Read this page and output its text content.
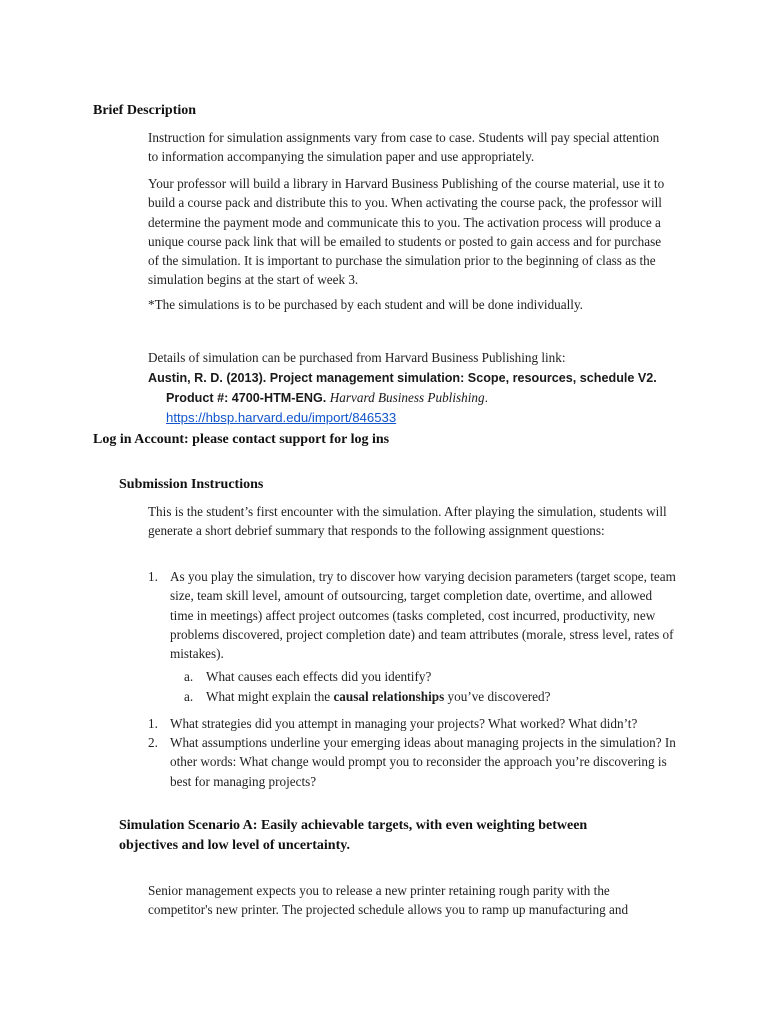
Brief Description

Instruction for simulation assignments vary from case to case. Students will pay special attention to information accompanying the simulation paper and use appropriately.

Your professor will build a library in Harvard Business Publishing of the course material, use it to build a course pack and distribute this to you. When activating the course pack, the professor will determine the payment mode and communicate this to you. The activation process will produce a unique course pack link that will be emailed to students or posted to gain access and for purchase of the simulation. It is important to purchase the simulation prior to the beginning of class as the simulation begins at the start of week 3.

*The simulations is to be purchased by each student and will be done individually.

Details of simulation can be purchased from Harvard Business Publishing link:

Austin, R. D. (2013). Project management simulation: Scope, resources, schedule V2.
Product #: 4700-HTM-ENG. Harvard Business Publishing.
https://hbsp.harvard.edu/import/846533
Log in Account: please contact support for log ins
Submission Instructions

This is the student’s first encounter with the simulation. After playing the simulation, students will generate a short debrief summary that responds to the following assignment questions:

1. As you play the simulation, try to discover how varying decision parameters (target scope, team size, team skill level, amount of outsourcing, target completion date, overtime, and allowed time in meetings) affect project outcomes (tasks completed, cost incurred, productivity, new problems discovered, project completion date) and team attributes (morale, stress level, rates of mistakes).
a. What causes each effects did you identify?
a. What might explain the causal relationships you’ve discovered?
1. What strategies did you attempt in managing your projects? What worked? What didn’t?
2. What assumptions underline your emerging ideas about managing projects in the simulation? In other words: What change would prompt you to reconsider the approach you’re discovering is best for managing projects?
Simulation Scenario A: Easily achievable targets, with even weighting between objectives and low level of uncertainty.

Senior management expects you to release a new printer retaining rough parity with the competitor's new printer. The projected schedule allows you to ramp up manufacturing and
